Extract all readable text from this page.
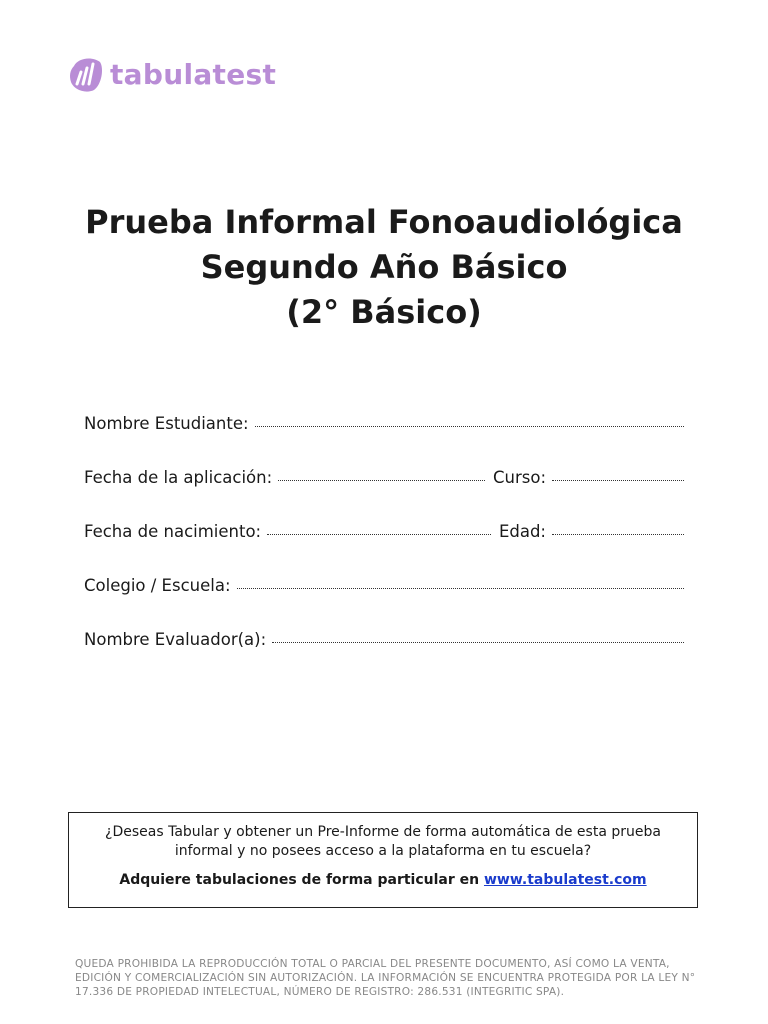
tabulatest

Prueba Informal Fonoaudiológica

Segundo Año Básico

(2° Básico)

Nombre Estudiante:
Fecha de la aplicación:	Curso:
Fecha de nacimiento:	Edad:
Colegio / Escuela:
Nombre Evaluador(a):
¿Deseas Tabular y obtener un Pre-Informe de forma automática de esta prueba informal y no posees acceso a la plataforma en tu escuela?
Adquiere tabulaciones de forma particular en www.tabulatest.com
QUEDA PROHIBIDA LA REPRODUCCIÓN TOTAL O PARCIAL DEL PRESENTE DOCUMENTO, ASÍ COMO LA VENTA, EDICIÓN Y COMERCIALIZACIÓN SIN AUTORIZACIÓN. LA INFORMACIÓN SE ENCUENTRA PROTEGIDA POR LA LEY N° 17.336 DE PROPIEDAD INTELECTUAL, NÚMERO DE REGISTRO: 286.531 (INTEGRITIC SPA).
